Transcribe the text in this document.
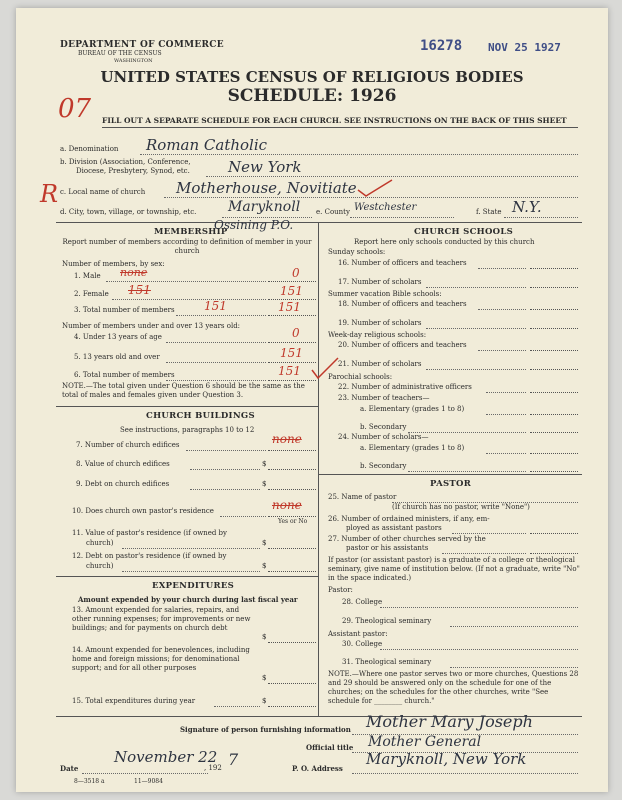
DEPARTMENT OF COMMERCE
BUREAU OF THE CENSUS
WASHINGTON
16278 NOV 25 1927
UNITED STATES CENSUS OF RELIGIOUS BODIES
SCHEDULE: 1926
07 FILL OUT A SEPARATE SCHEDULE FOR EACH CHURCH. SEE INSTRUCTIONS ON THE BACK OF THIS SHEET
a. Denomination Roman Catholic
b. Division (Association, Conference,
Diocese, Presbytery, Synod, etc.	New York
R c. Local name of church Motherhouse, Novitiate
d. City, town, village, or township, etc. Maryknoll e. County Westchester	f. State N.Y.
MEMBERSHIP
Ossining P.O.
Report number of members according to definition of member in your church
Number of members, by sex:
1. Male none	0
2. Female 151	151
3. Total number of members 151	151
Number of members under and over 13 years old:
4. Under 13 years of age	0
5. 13 years old and over	151
6. Total number of members	151
NOTE.—The total given under Question 6 should be the same as the total of males and females given under Question 3.
CHURCH BUILDINGS
See instructions, paragraphs 10 to 12
7. Number of church edifices	none
8. Value of church edifices	$
9. Debt on church edifices	$
10. Does church own pastor's residence	none
Yes or No
11. Value of pastor's residence (if owned by
church)	$
12. Debt on pastor's residence (if owned by
church)	$
EXPENDITURES
Amount expended by your church during last fiscal year
13. Amount expended for salaries, repairs, and other running expenses; for improvements or new buildings; and for payments on church debt
$
14. Amount expended for benevolences, including home and foreign missions; for denominational support; and for all other purposes
$
15. Total expenditures during year	$
CHURCH SCHOOLS
Report here only schools conducted by this church
Sunday schools:
16. Number of officers and teachers
17. Number of scholars
Summer vacation Bible schools:
18. Number of officers and teachers
19. Number of scholars
Week-day religious schools:
20. Number of officers and teachers
21. Number of scholars
Parochial schools:
22. Number of administrative officers
23. Number of teachers—
a. Elementary (grades 1 to 8)
b. Secondary
24. Number of scholars—
a. Elementary (grades 1 to 8)
b. Secondary
PASTOR
25. Name of pastor
(If church has no pastor, write "None")
26. Number of ordained ministers, if any, em-
ployed as assistant pastors
27. Number of other churches served by the
pastor or his assistants
If pastor (or assistant pastor) is a graduate of a college or theological seminary, give name of institution below. (If not a graduate, write "No" in the space indicated.)
Pastor:
28. College
29. Theological seminary
Assistant pastor:
30. College
31. Theological seminary
NOTE.—Where one pastor serves two or more churches, Questions 28 and 29 should be answered only on the schedule for one of the churches; on the schedules for the other churches, write "See schedule for ________ church."
Signature of person furnishing information Mother Mary Joseph
Official title Mother General
Date
November 22
, 192 7
8—3518 a	11—9084
P. O. Address
Maryknoll, New York
